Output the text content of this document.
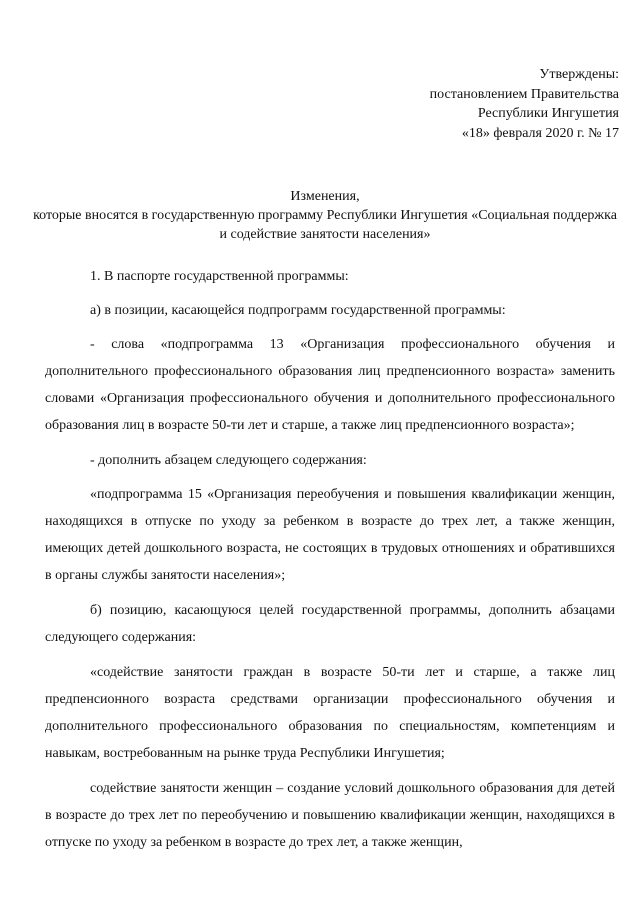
Утверждены:
постановлением Правительства
Республики Ингушетия
«18» февраля 2020 г. № 17
Изменения,
которые вносятся в государственную программу Республики Ингушетия «Социальная поддержка и содействие занятости населения»

1. В паспорте государственной программы:

а) в позиции, касающейся подпрограмм государственной программы:

- слова «подпрограмма 13 «Организация профессионального обучения и дополнительного профессионального образования лиц предпенсионного возраста» заменить словами «Организация профессионального обучения и дополнительного профессионального образования лиц в возрасте 50-ти лет и старше, а также лиц предпенсионного возраста»;

- дополнить абзацем следующего содержания:

«подпрограмма 15 «Организация переобучения и повышения квалификации женщин, находящихся в отпуске по уходу за ребенком в возрасте до трех лет, а также женщин, имеющих детей дошкольного возраста, не состоящих в трудовых отношениях и обратившихся в органы службы занятости населения»;

б) позицию, касающуюся целей государственной программы, дополнить абзацами следующего содержания:

«содействие занятости граждан в возрасте 50-ти лет и старше, а также лиц предпенсионного возраста средствами организации профессионального обучения и дополнительного профессионального образования по специальностям, компетенциям и навыкам, востребованным на рынке труда Республики Ингушетия;

содействие занятости женщин – создание условий дошкольного образования для детей в возрасте до трех лет по переобучению и повышению квалификации женщин, находящихся в отпуске по уходу за ребенком в возрасте до трех лет, а также женщин,
